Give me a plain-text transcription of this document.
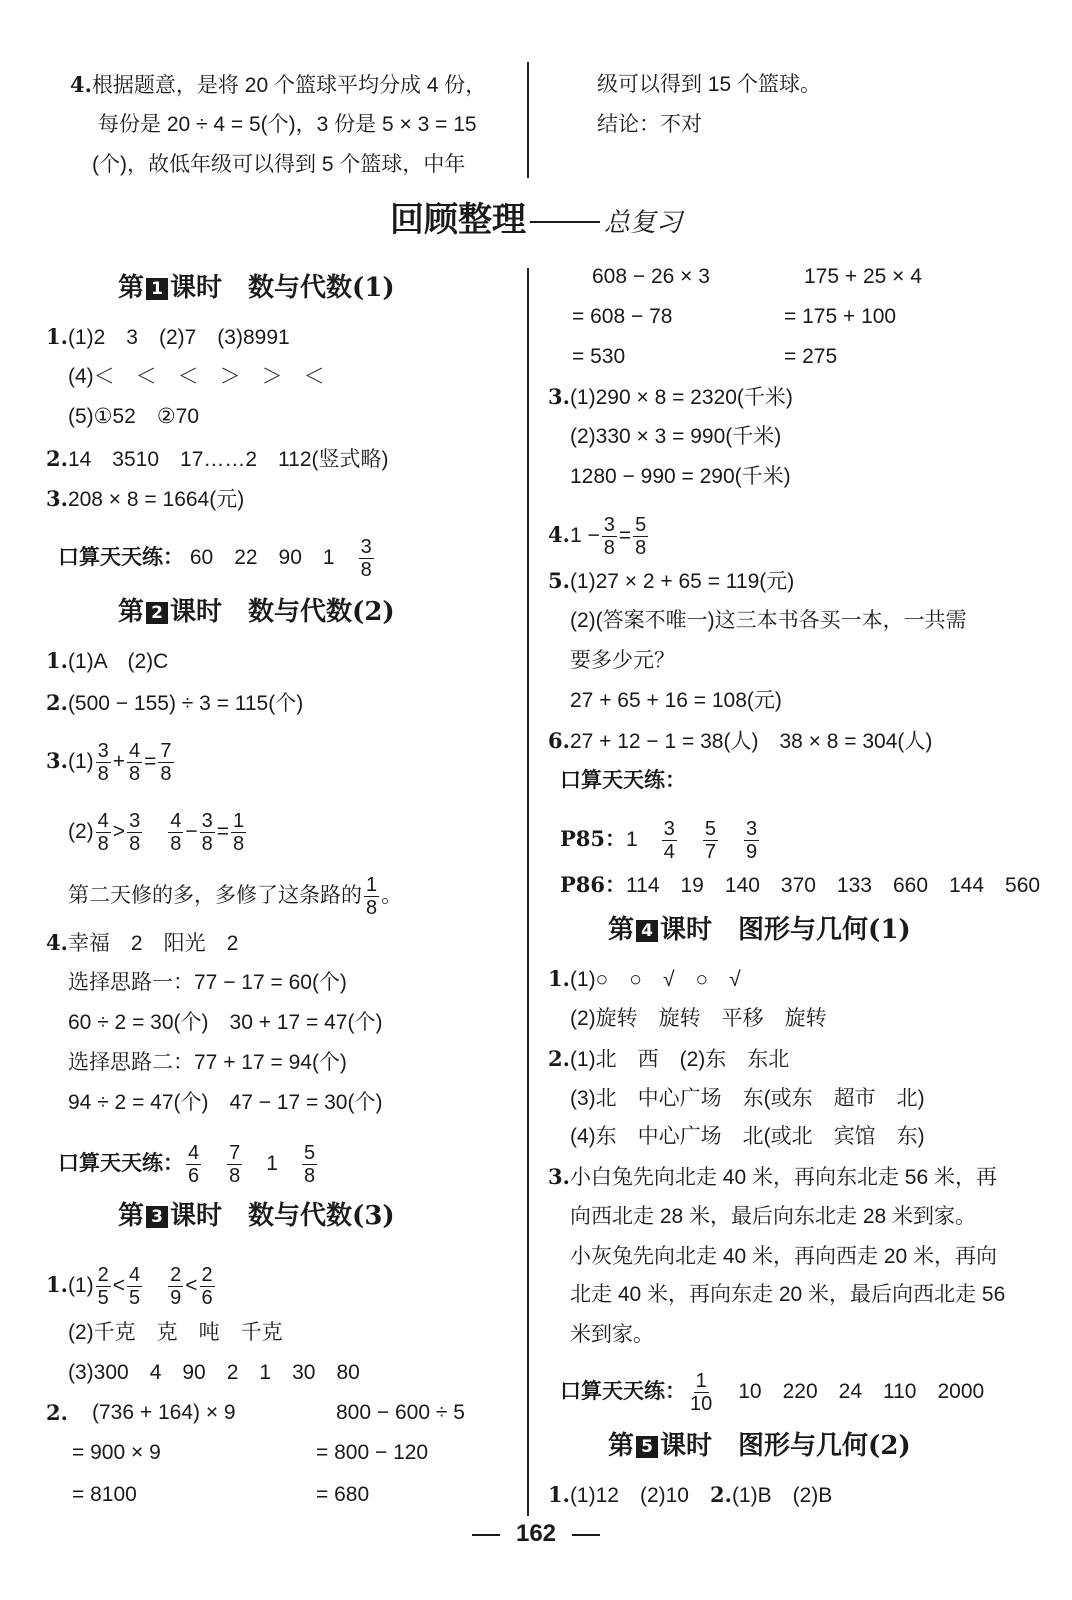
4.根据题意，是将 20 个篮球平均分成 4 份，
每份是 20 ÷ 4 = 5(个)，3 份是 5 × 3 = 15
(个)，故低年级可以得到 5 个篮球，中年
级可以得到 15 个篮球。
结论：不对
回顾整理	总复习
第 1 课时　数与代数(1)
1.(1)2　3　(2)7　(3)8991
(4)＜　＜　＜　＞　＞　＜
(5)①52　②70
2.14　3510　17……2　112(竖式略)
3.208 × 8 = 1664(元)
口算天天练： 60　22　90　$1 \frac{3}{8}$
第 2 课时　数与代数(2)
1.(1)A　(2)C
2.(500 − 155) ÷ 3 = 115(个)
$3.(1) \frac{3}{8} + \frac{4}{8} = \frac{7}{8}$
$(2) \frac{4}{8} > \frac{3}{8} \frac{4}{8} - \frac{3}{8} = \frac{1}{8}$
第二天修的多，多修了这条路的 $\frac{1}{8}$ 。
4.幸福　2　阳光　2
选择思路一：77 − 17 = 60(个)
60 ÷ 2 = 30(个)　30 + 17 = 47(个)
选择思路二：77 + 17 = 94(个)
94 ÷ 2 = 47(个)　47 − 17 = 30(个)
口算天天练： $\frac{4}{6} \frac{7}{8} 1 \frac{5}{8}$
第 3 课时　数与代数(3)
$1.(1) \frac{2}{5} < \frac{4}{5} \frac{2}{9} < \frac{2}{6}$
(2)千克　克　吨　千克
(3)300　4　90　2　1　30　80
2. (736 + 164) × 9	800 − 600 ÷ 5
= 900 × 9	= 800 − 120
= 8100	= 680
608 − 26 × 3	175 + 25 × 4
= 608 − 78	= 175 + 100
= 530	= 275
3.(1)290 × 8 = 2320(千米)
(2)330 × 3 = 990(千米)
1280 − 990 = 290(千米)
$4.1 - \frac{3}{8} = \frac{5}{8}$
5.(1)27 × 2 + 65 = 119(元)
(2)(答案不唯一)这三本书各买一本，一共需
要多少元？
27 + 65 + 16 = 108(元)
6.27 + 12 − 1 = 38(人)　38 × 8 = 304(人)
口算天天练：
P85：$1 \frac{3}{4} \frac{5}{7} \frac{3}{9}$
P86：114　19　140　370　133　660　144　560
第 4 课时　图形与几何(1)
1.(1)○　○　√　○　√
(2)旋转　旋转　平移　旋转
2.(1)北　西　(2)东　东北
(3)北　中心广场　东(或东　超市　北)
(4)东　中心广场　北(或北　宾馆　东)
3.小白兔先向北走 40 米，再向东北走 56 米，再
向西北走 28 米，最后向东北走 28 米到家。
小灰兔先向北走 40 米，再向西走 20 米，再向
北走 40 米，再向东走 20 米，最后向西北走 56
米到家。
口算天天练： $\frac{1}{10} 10$　220　24　110　2000
第 5 课时　图形与几何(2)
1.(1)12　(2)10　2.(1)B　(2)B
162
